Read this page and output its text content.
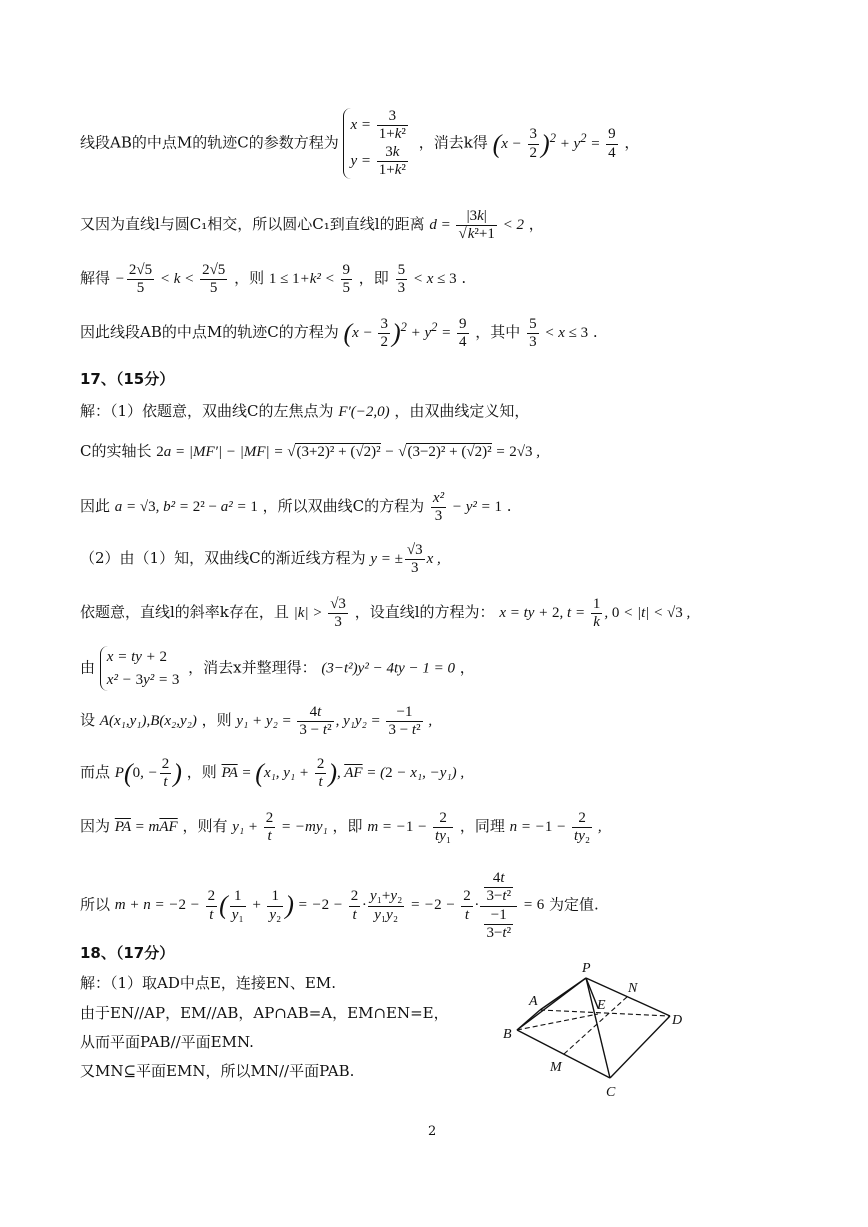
线段AB的中点M的轨迹C的参数方程为
$x = \frac{3}{\text{1+k²}}$
$y = \frac{3k}{\text{1+k²}}$
，消去k得 $(x - \frac{3}{2} )^2 + y^2 = \frac{9}{4}$ ，
又因为直线l与圆C₁相交，所以圆心C₁到直线l的距离 $d = \frac{|3k|}{\text{√k²+1}} < 2$ ，
解得 − $\frac{2√5}{5} < k < \frac{2√5}{5}$ ，则 $1 \le 1+k^2 < \frac{9}{5}$ ，即 $\frac{5}{3} < x \le 3$ .
因此线段AB的中点M的轨迹C的方程为 $(x - \frac{3}{2} )^2 + y^2 = \frac{9}{4}$ ，其中 $\frac{5}{3} < x \le 3$ .
17、（15分）
解：（1）依题意，双曲线C的左焦点为 F′(−2,0) ，由双曲线定义知，
C的实轴长 2a = |MF′| − |MF| = √(3+2)² + (√2)² − √(3−2)² + (√2)² = 2√3 ,
因此 a = √3, b² = 2² − a² = 1 ，所以双曲线C的方程为 $\frac{\text{x²}}{3} - y^2 = 1$ .
（2）由（1）知，双曲线C的渐近线方程为 y = ± $\frac{√3}{3}$ x ,
依题意，直线l的斜率k存在，且 $|k| > \frac{√3}{3}$ ，设直线l的方程为： x = ty + 2, $t = \frac{1}{k}$ , 0 < |t| < √3 ,
由
x = ty + 2
x² − 3y² = 3
，消去x并整理得： (3−t²)y² − 4ty − 1 = 0 ，
设 A(x₁,y₁),B(x₂,y₂) ，则 $y_1 + y_2 = \frac{4t}{\text{3 − t²}}$ , $y_1y_2 = \frac{-1}{\text{3 − t²}}$ ,
而点 P(0, − $\frac{2}{t}$ ) ，则 $\overline{PA} = (x_1$, $y_1 + \frac{2}{t}$ ), $\overline{AF} = (2 - x_1$, −y₁) ,
因为 $\overline{PA} = m\overline{AF}$ ，则有 $y_1 + \frac{2}{t} = -my_1$ ，即 $m = -1 - \frac{2}{\text{ty₁}}$ ，同理 $n = -1 - \frac{2}{\text{ty₂}}$ ,
所以 $m + n = -2 - \frac{2}{t}$ ( $\frac{1}{\text{y₁}} + \frac{1}{\text{y₂}}$ ) = $-2 - \frac{2}{t} \cdot \frac{\text{y₁+y₂}}{\text{y₁y₂}} = -2 - \frac{2}{t} \cdot \frac{\frac{4t}{\text{3−t²}}}{\frac{-1}{\text{3−t²}}} = 6$ 为定值.
18、（17分）
解：（1）取AD中点E，连接EN、EM.
由于EN//AP，EM//AB，AP∩AB=A，EM∩EN=E，
从而平面PAB//平面EMN.
又MN⊆平面EMN，所以MN//平面PAB.
P
N
A	E
D
B
M
C
2
